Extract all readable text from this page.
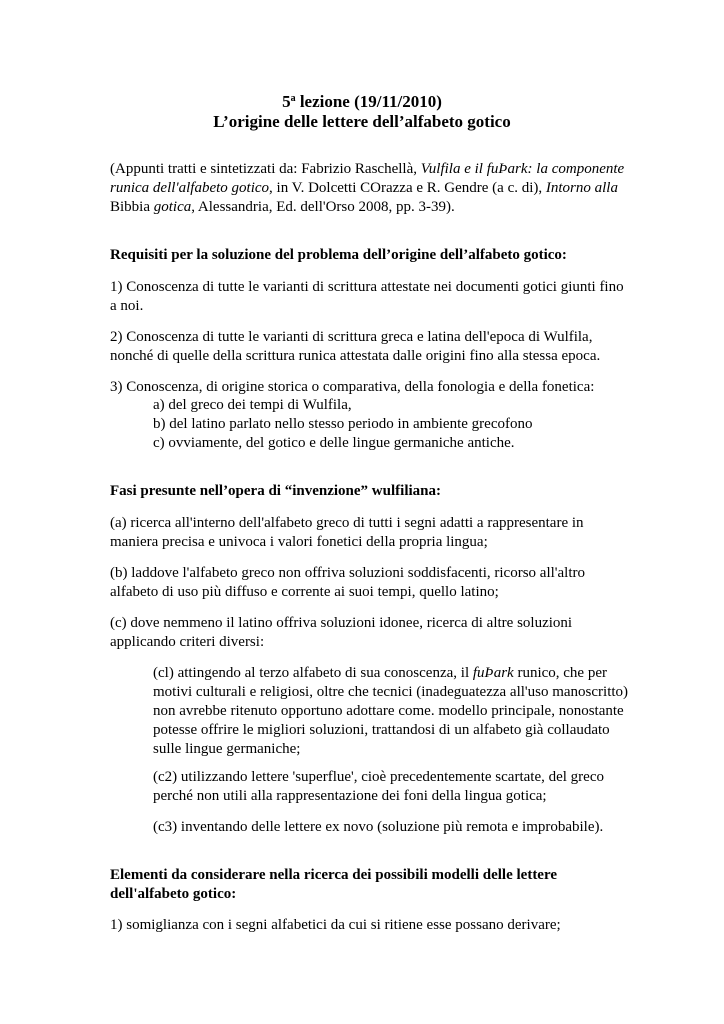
5$^a$ lezione (19/11/2010)
L’origine delle lettere dell’alfabeto gotico

(Appunti tratti e sintetizzati da: Fabrizio Raschellà, Vulfila e il fuÞark: la componente runica dell'alfabeto gotico, in V. Dolcetti COrazza e R. Gendre (a c. di), Intorno alla Bibbia gotica, Alessandria, Ed. dell'Orso 2008, pp. 3-39).

Requisiti per la soluzione del problema dell’origine dell’alfabeto gotico:

1) Conoscenza di tutte le varianti di scrittura attestate nei documenti gotici giunti fino a noi.

2) Conoscenza di tutte le varianti di scrittura greca e latina dell'epoca di Wulfila, nonché di quelle della scrittura runica attestata dalle origini fino alla stessa epoca.

3) Conoscenza, di origine storica o comparativa, della fonologia e della fonetica:

a) del greco dei tempi di Wulfila,
b) del latino parlato nello stesso periodo in ambiente grecofono
c) ovviamente, del gotico e delle lingue germaniche antiche.

Fasi presunte nell’opera di “invenzione” wulfiliana:

(a) ricerca all'interno dell'alfabeto greco di tutti i segni adatti a rappresentare in maniera precisa e univoca i valori fonetici della propria lingua;

(b) laddove l'alfabeto greco non offriva soluzioni soddisfacenti, ricorso all'altro alfabeto di uso più diffuso e corrente ai suoi tempi, quello latino;

(c) dove nemmeno il latino offriva soluzioni idonee, ricerca di altre soluzioni applicando criteri diversi:

(cl) attingendo al terzo alfabeto di sua conoscenza, il fuÞark runico, che per motivi culturali e religiosi, oltre che tecnici (inadeguatezza all'uso manoscritto) non avrebbe ritenuto opportuno adottare come. modello principale, nonostante potesse offrire le migliori soluzioni, trattandosi di un alfabeto già collaudato sulle lingue germaniche;

(c2) utilizzando lettere 'superflue', cioè precedentemente scartate, del greco perché non utili alla rappresentazione dei foni della lingua gotica;

(c3) inventando delle lettere ex novo (soluzione più remota e improbabile).

Elementi da considerare nella ricerca dei possibili modelli delle lettere dell'alfabeto gotico:

1) somiglianza con i segni alfabetici da cui si ritiene esse possano derivare;
